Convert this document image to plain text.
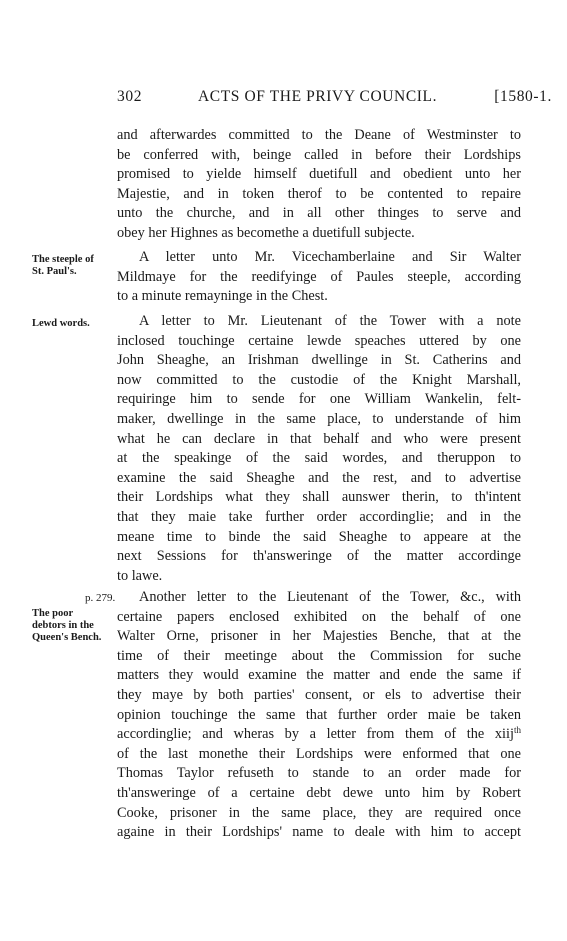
302	ACTS OF THE PRIVY COUNCIL.	[1580-1.
and afterwardes committed to the Deane of Westminster to
be conferred with, beinge called in before their Lordships
promised to yielde himself duetifull and obedient unto her
Majestie, and in token therof to be contented to repaire
unto the churche, and in all other thinges to serve and
obey her Highnes as becomethe a duetifull subjecte.
The steeple of
St. Paul's.
A letter unto Mr. Vicechamberlaine and Sir Walter
Mildmaye for the reedifyinge of Paules steeple, according
to a minute remayninge in the Chest.
Lewd words.	A letter to Mr. Lieutenant of the Tower with a note
inclosed touchinge certaine lewde speaches uttered by one
John Sheaghe, an Irishman dwellinge in St. Catherins and
now committed to the custodie of the Knight Marshall,
requiringe him to sende for one William Wankelin, felt-
maker, dwellinge in the same place, to understande of him
what he can declare in that behalf and who were present
at the speakinge of the said wordes, and theruppon to
examine the said Sheaghe and the rest, and to advertise
their Lordships what they shall aunswer therin, to th'intent
that they maie take further order accordinglie; and in the
meane time to binde the said Sheaghe to appeare at the
next Sessions for th'answeringe of the matter accordinge
to lawe.
p. 279.
The poor
debtors in the
Queen's Bench.
Another letter to the Lieutenant of the Tower, &c., with
certaine papers enclosed exhibited on the behalf of one
Walter Orne, prisoner in her Majesties Benche, that at the
time of their meetinge about the Commission for suche
matters they would examine the matter and ende the same if
they maye by both parties' consent, or els to advertise their
opinion touchinge the same that further order maie be taken
accordinglie; and wheras by a letter from them of the xiij$^{th}$
of the last monethe their Lordships were enformed that one
Thomas Taylor refuseth to stande to an order made for
th'answeringe of a certaine debt dewe unto him by Robert
Cooke, prisoner in the same place, they are required once
againe in their Lordships' name to deale with him to accept
